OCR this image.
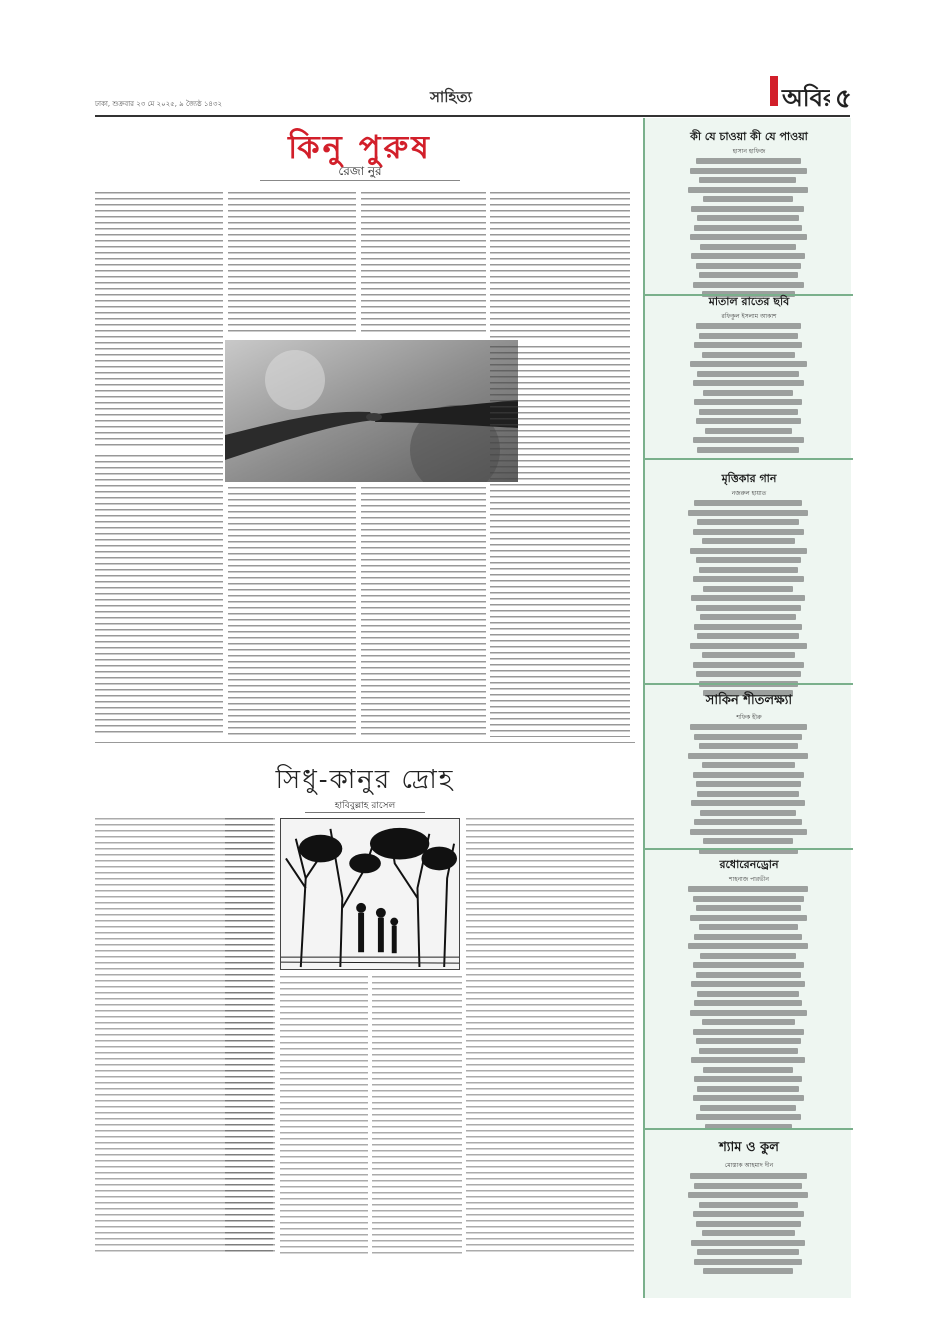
ঢাকা, শুক্রবার ২৩ মে ২০২৫, ৯ জ্যৈষ্ঠ ১৪৩২	সাহিত্য	অবি ৫
কিনু পুরুষ
রেজা নুর
সিধু-কানুর দ্রোহ
হাবিবুল্লাহ রাসেল
কী যে চাওয়া কী যে পাওয়া
হাসান হাফিজ
মাতাল রাতের ছবি
রফিকুল ইসলাম আকাশ
মৃত্তিকার গান
নজরুল হায়াত
সাকিন শীতলক্ষ্যা
শফিক হীরু
রধোরেনড্রোন
শাহনাজ পারভীন
শ্যাম ও কুল
মোস্তাক আহমাদ দীন
